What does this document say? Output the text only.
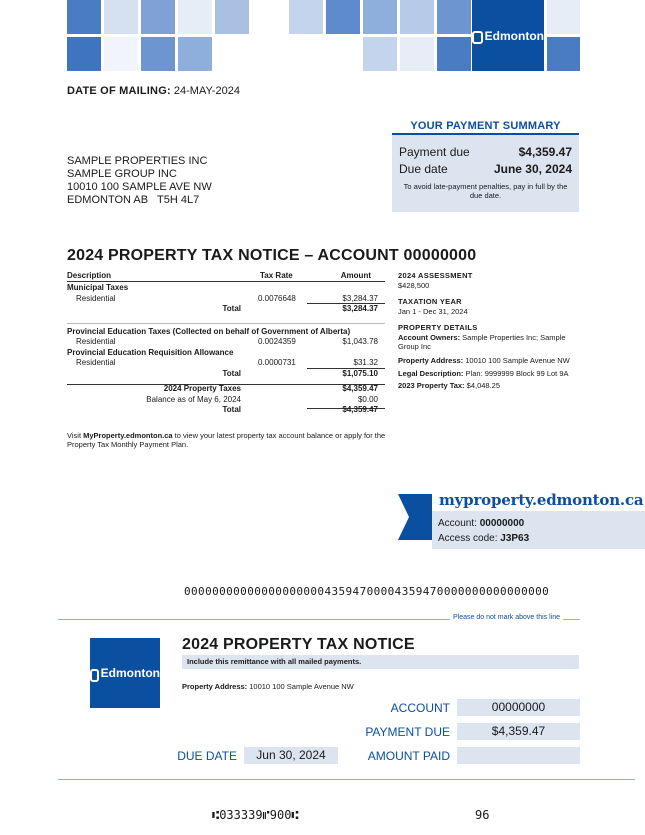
Edmonton
DATE OF MAILING: 24-MAY-2024
SAMPLE PROPERTIES INC
SAMPLE GROUP INC
10010 100 SAMPLE AVE NW
EDMONTON AB   T5H 4L7
YOUR PAYMENT SUMMARY
Payment due	$4,359.47
Due date	June 30, 2024
To avoid late-payment penalties, pay in full by the due date.
2024 PROPERTY TAX NOTICE – ACCOUNT 00000000
Description	Tax Rate	Amount
Municipal Taxes
Residential	0.0076648	$3,284.37
Total	$3,284.37
Provincial Education Taxes (Collected on behalf of Government of Alberta)
Residential	0.0024359	$1,043.78
Provincial Education Requisition Allowance
Residential	0.0000731	$31.32
Total	$1,075.10
2024 Property Taxes	$4,359.47
Balance as of May 6, 2024	$0.00
Total	$4,359.47
Visit MyProperty.edmonton.ca to view your latest property tax account balance or apply for the Property Tax Monthly Payment Plan.
2024 ASSESSMENT
$428,500
TAXATION YEAR
Jan 1 - Dec 31, 2024
PROPERTY DETAILS
Account Owners: Sample Properties Inc; Sample Group Inc
Property Address: 10010 100 Sample Avenue NW
Legal Description: Plan: 9999999 Block 99 Lot 9A
2023 Property Tax: $4,048.25
myproperty.edmonton.ca
Account: 00000000
Access code: J3P63
0000000000000000000043594700004359470000000000000000
Please do not mark above this line
Edmonton
2024 PROPERTY TAX NOTICE
Include this remittance with all mailed payments.
Property Address: 10010 100 Sample Avenue NW
ACCOUNT	00000000
PAYMENT DUE	$4,359.47
DUE DATE	Jun 30, 2024	AMOUNT PAID
⑆033339⑈900⑆	96
